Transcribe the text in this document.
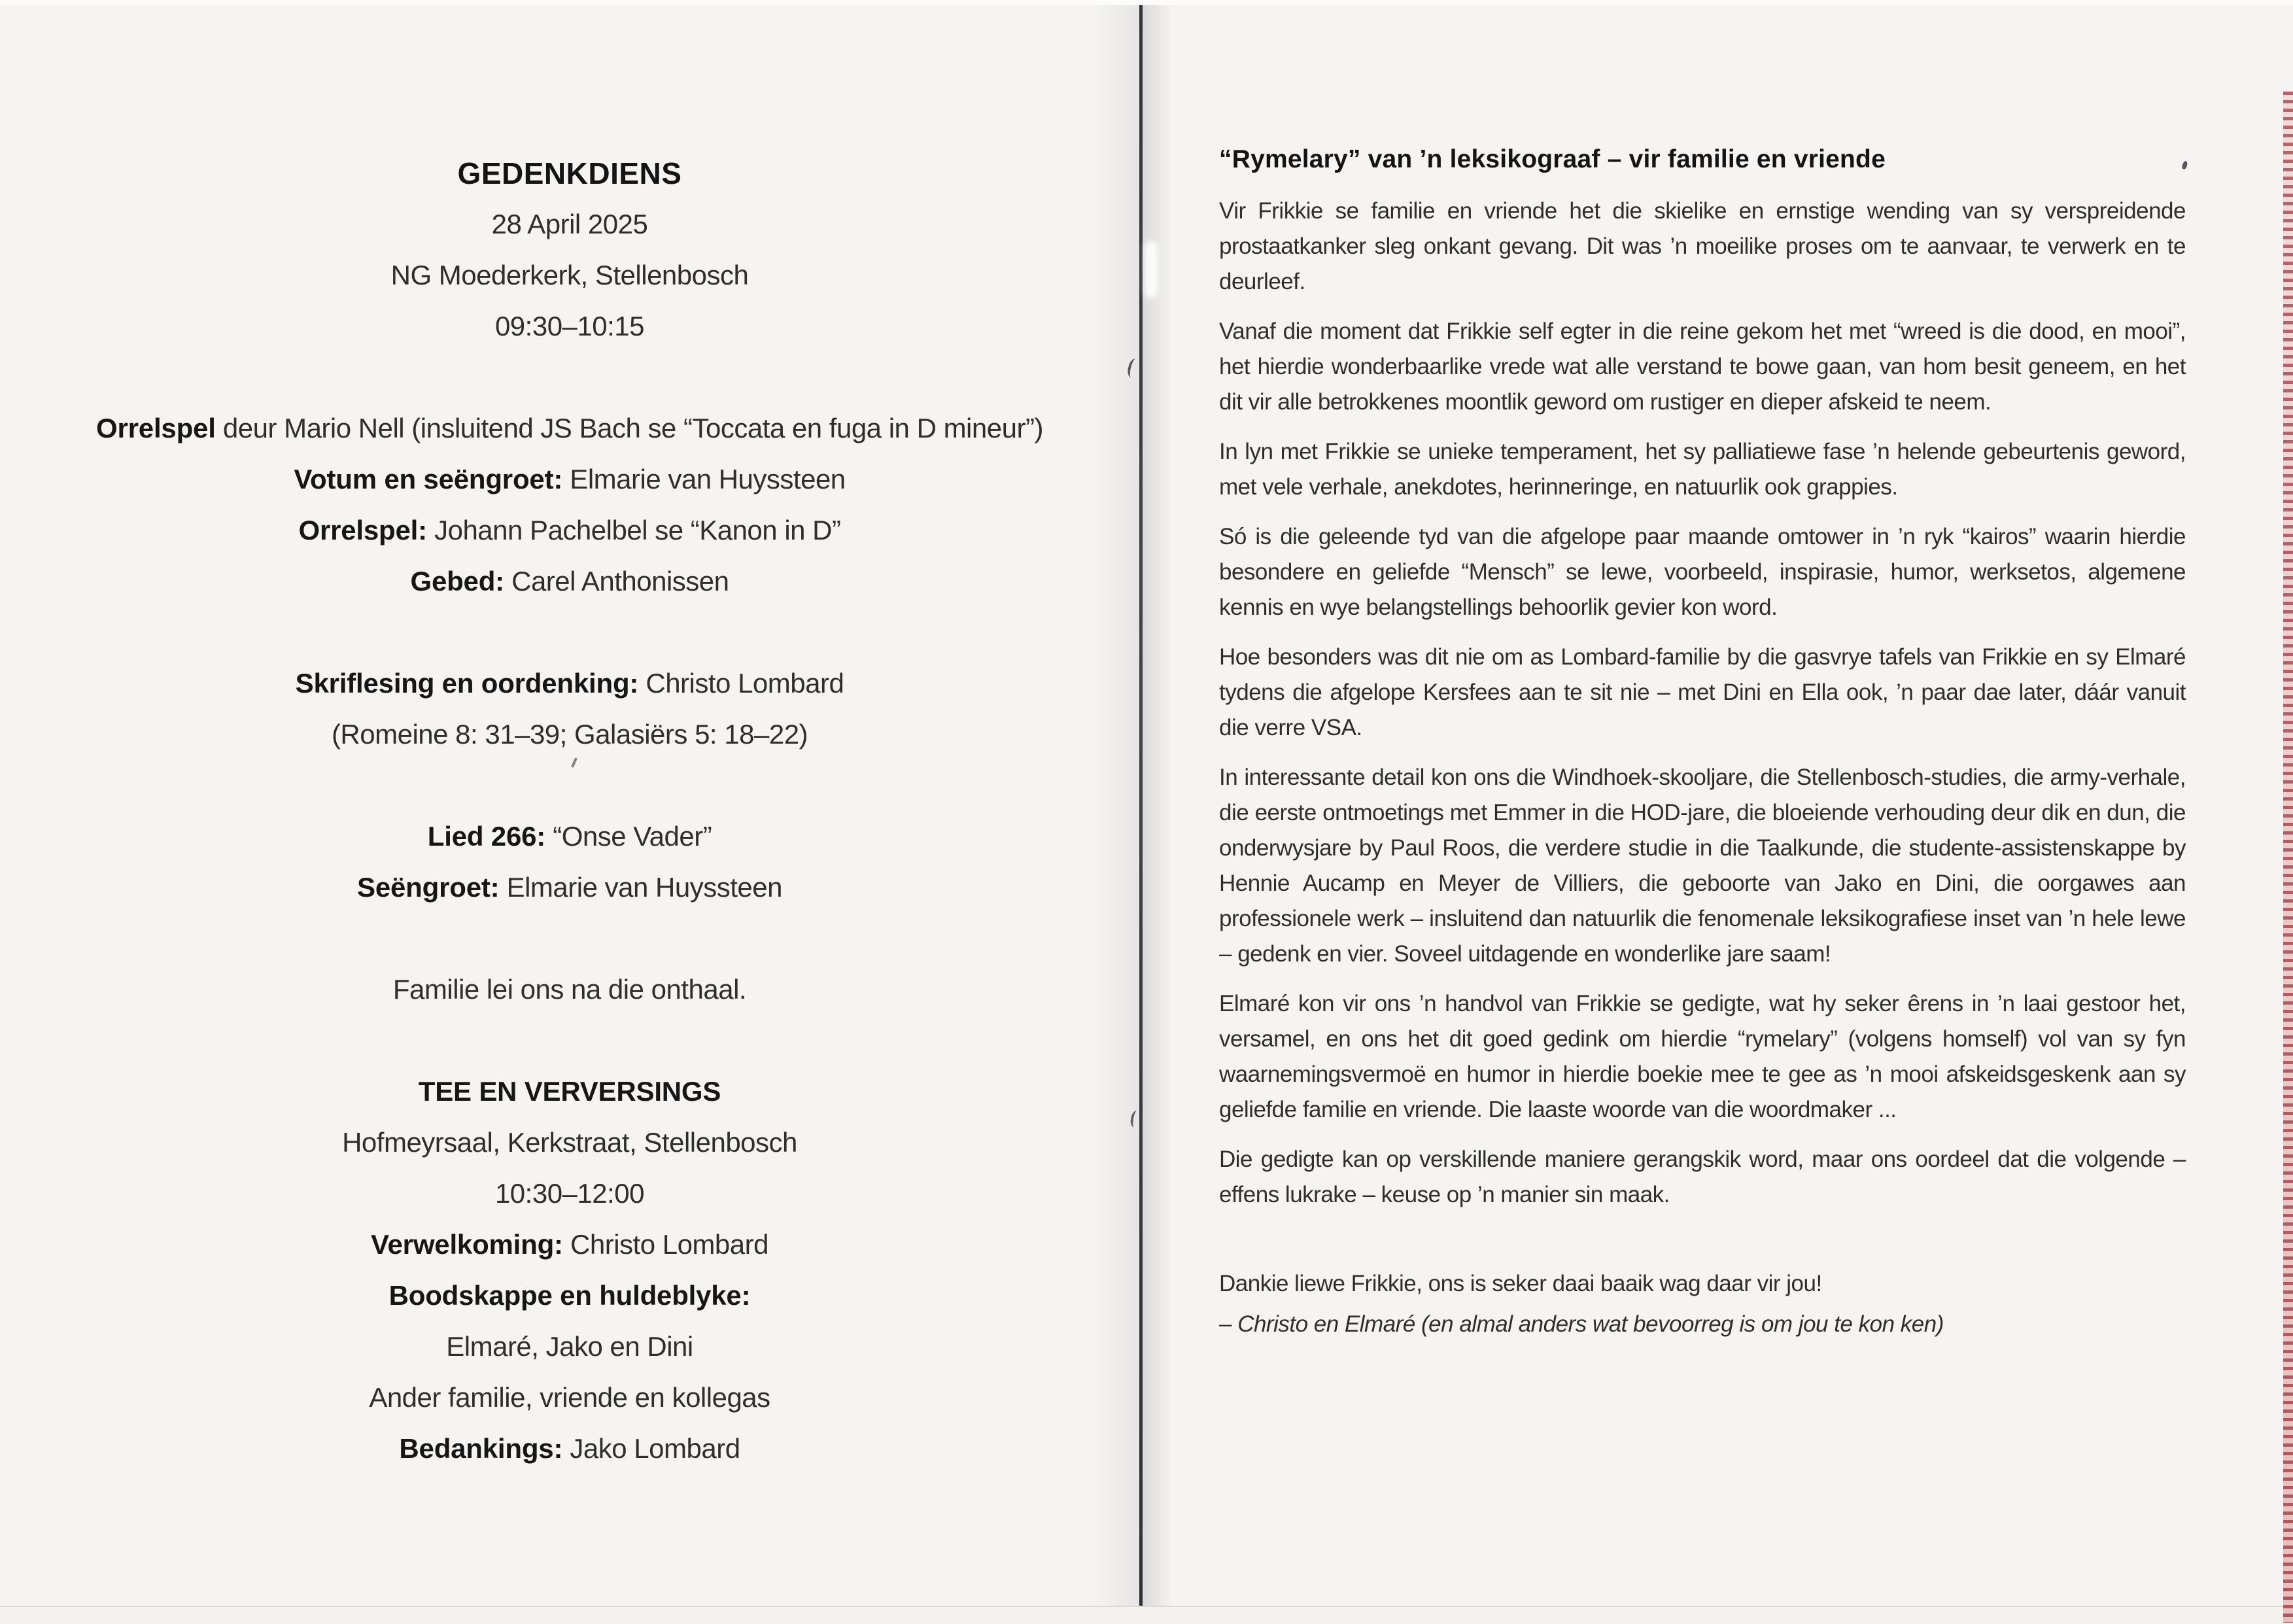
GEDENKDIENS
28 April 2025
NG Moederkerk, Stellenbosch
09:30–10:15
Orrelspel deur Mario Nell (insluitend JS Bach se “Toccata en fuga in D mineur”)
Votum en seëngroet: Elmarie van Huyssteen
Orrelspel: Johann Pachelbel se “Kanon in D”
Gebed: Carel Anthonissen
Skriflesing en oordenking: Christo Lombard
(Romeine 8: 31–39; Galasiërs 5: 18–22)
Lied 266: “Onse Vader”
Seëngroet: Elmarie van Huyssteen
Familie lei ons na die onthaal.
TEE EN VERVERSINGS
Hofmeyrsaal, Kerkstraat, Stellenbosch
10:30–12:00
Verwelkoming: Christo Lombard
Boodskappe en huldeblyke:
Elmaré, Jako en Dini
Ander familie, vriende en kollegas
Bedankings: Jako Lombard
“Rymelary” van ’n leksikograaf – vir familie en vriende

Vir Frikkie se familie en vriende het die skielike en ernstige wending van sy verspreidende prostaatkanker sleg onkant gevang. Dit was ’n moeilike proses om te aanvaar, te verwerk en te deurleef.

Vanaf die moment dat Frikkie self egter in die reine gekom het met “wreed is die dood, en mooi”, het hierdie wonderbaarlike vrede wat alle verstand te bowe gaan, van hom besit geneem, en het dit vir alle betrokkenes moontlik geword om rustiger en dieper afskeid te neem.

In lyn met Frikkie se unieke temperament, het sy palliatiewe fase ’n helende gebeurtenis geword, met vele verhale, anekdotes, herinneringe, en natuurlik ook grappies.

Só is die geleende tyd van die afgelope paar maande omtower in ’n ryk “kairos” waarin hierdie besondere en geliefde “Mensch” se lewe, voorbeeld, inspirasie, humor, werksetos, algemene kennis en wye belangstellings behoorlik gevier kon word.

Hoe besonders was dit nie om as Lombard-familie by die gasvrye tafels van Frikkie en sy Elmaré tydens die afgelope Kersfees aan te sit nie – met Dini en Ella ook, ’n paar dae later, dáár vanuit die verre VSA.

In interessante detail kon ons die Windhoek-skooljare, die Stellenbosch-studies, die army-verhale, die eerste ontmoetings met Emmer in die HOD-jare, die bloeiende verhouding deur dik en dun, die onderwysjare by Paul Roos, die verdere studie in die Taalkunde, die studente-assistenskappe by Hennie Aucamp en Meyer de Villiers, die geboorte van Jako en Dini, die oorgawes aan professionele werk – insluitend dan natuurlik die fenomenale leksikografiese inset van ’n hele lewe – gedenk en vier. Soveel uitdagende en wonderlike jare saam!

Elmaré kon vir ons ’n handvol van Frikkie se gedigte, wat hy seker êrens in ’n laai gestoor het, versamel, en ons het dit goed gedink om hierdie “rymelary” (volgens homself) vol van sy fyn waarnemingsvermoë en humor in hierdie boekie mee te gee as ’n mooi afskeidsgeskenk aan sy geliefde familie en vriende. Die laaste woorde van die woordmaker ...

Die gedigte kan op verskillende maniere gerangskik word, maar ons oordeel dat die volgende – effens lukrake – keuse op ’n manier sin maak.

Dankie liewe Frikkie, ons is seker daai baaik wag daar vir jou!
– Christo en Elmaré (en almal anders wat bevoorreg is om jou te kon ken)
